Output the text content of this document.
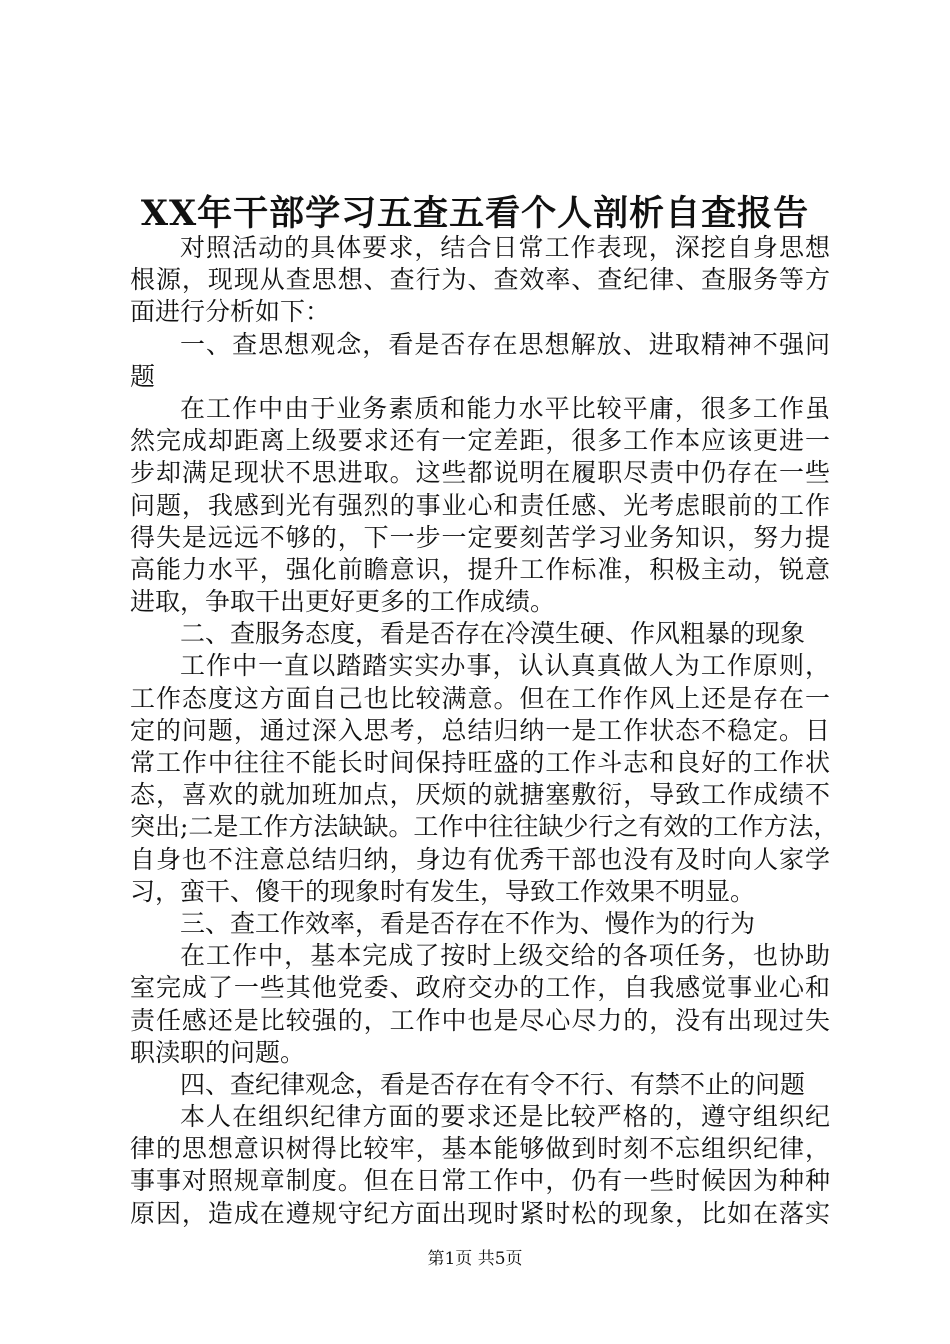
XX年干部学习五查五看个人剖析自查报告
对照活动的具体要求，结合日常工作表现，深挖自身思想
根源，现现从查思想、查行为、查效率、查纪律、查服务等方
面进行分析如下：
一、查思想观念，看是否存在思想解放、进取精神不强问
题
在工作中由于业务素质和能力水平比较平庸，很多工作虽
然完成却距离上级要求还有一定差距，很多工作本应该更进一
步却满足现状不思进取。这些都说明在履职尽责中仍存在一些
问题，我感到光有强烈的事业心和责任感、光考虑眼前的工作
得失是远远不够的，下一步一定要刻苦学习业务知识，努力提
高能力水平，强化前瞻意识，提升工作标准，积极主动，锐意
进取，争取干出更好更多的工作成绩。
二、查服务态度，看是否存在冷漠生硬、作风粗暴的现象
工作中一直以踏踏实实办事，认认真真做人为工作原则，
工作态度这方面自己也比较满意。但在工作作风上还是存在一
定的问题，通过深入思考，总结归纳一是工作状态不稳定。日
常工作中往往不能长时间保持旺盛的工作斗志和良好的工作状
态，喜欢的就加班加点，厌烦的就搪塞敷衍，导致工作成绩不
突出;二是工作方法缺缺。工作中往往缺少行之有效的工作方法，
自身也不注意总结归纳，身边有优秀干部也没有及时向人家学
习，蛮干、傻干的现象时有发生，导致工作效果不明显。
三、查工作效率，看是否存在不作为、慢作为的行为
在工作中，基本完成了按时上级交给的各项任务，也协助
室完成了一些其他党委、政府交办的工作，自我感觉事业心和
责任感还是比较强的，工作中也是尽心尽力的，没有出现过失
职渎职的问题。
四、查纪律观念，看是否存在有令不行、有禁不止的问题
本人在组织纪律方面的要求还是比较严格的，遵守组织纪
律的思想意识树得比较牢，基本能够做到时刻不忘组织纪律，
事事对照规章制度。但在日常工作中，仍有一些时候因为种种
原因，造成在遵规守纪方面出现时紧时松的现象，比如在落实
第1页 共5页
